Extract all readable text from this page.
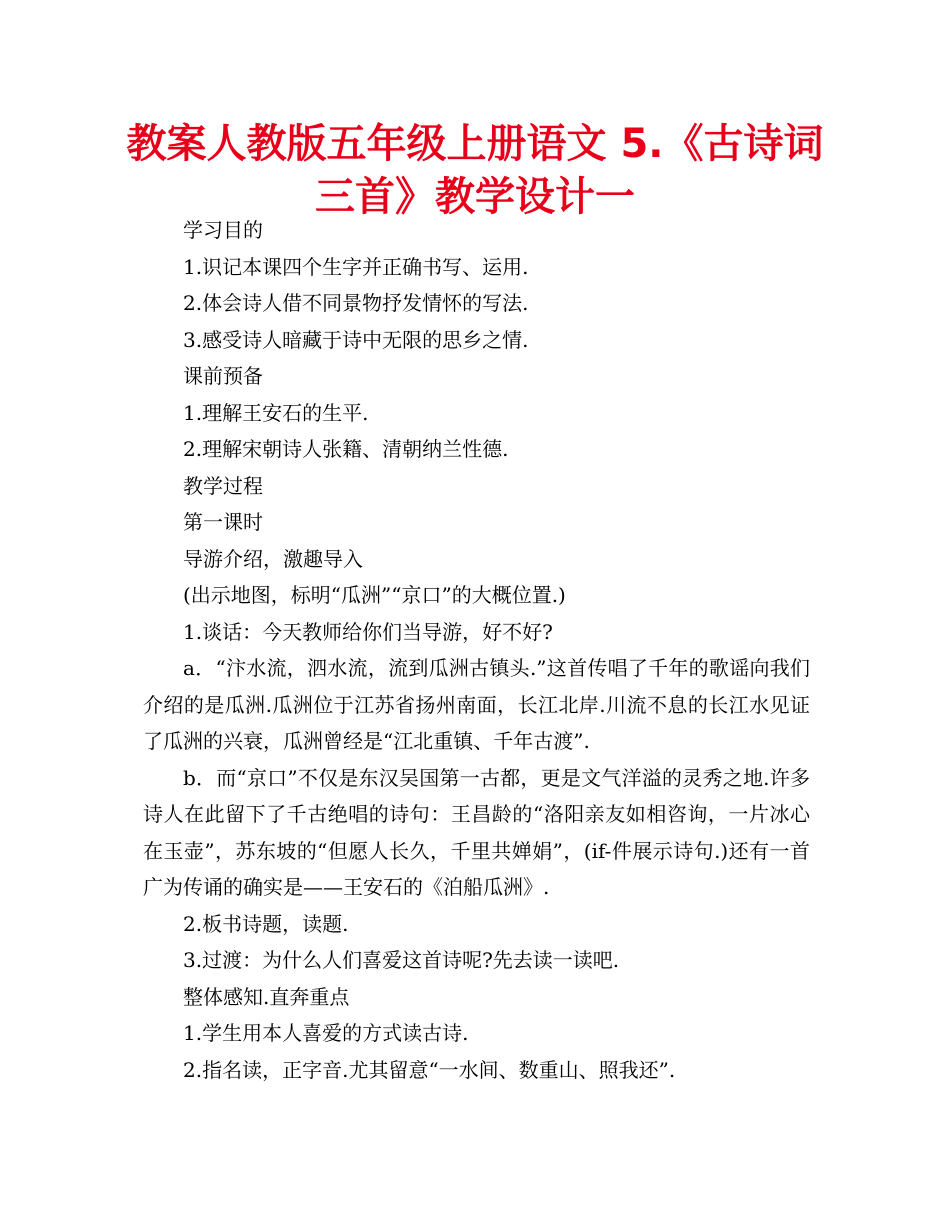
教案人教版五年级上册语文 5.《古诗词三首》教学设计一

学习目的

1.识记本课四个生字并正确书写、运用.

2.体会诗人借不同景物抒发情怀的写法.

3.感受诗人暗藏于诗中无限的思乡之情.

课前预备

1.理解王安石的生平.

2.理解宋朝诗人张籍、清朝纳兰性德.

教学过程

第一课时

导游介绍，激趣导入

(出示地图，标明“瓜洲”“京口”的大概位置.)

1.谈话：今天教师给你们当导游，好不好?

a．“汴水流，泗水流，流到瓜洲古镇头.”这首传唱了千年的歌谣向我们介绍的是瓜洲.瓜洲位于江苏省扬州南面，长江北岸.川流不息的长江水见证了瓜洲的兴衰，瓜洲曾经是“江北重镇、千年古渡”.

b．而“京口”不仅是东汉吴国第一古都，更是文气洋溢的灵秀之地.许多诗人在此留下了千古绝唱的诗句：王昌龄的“洛阳亲友如相咨询，一片冰心在玉壶”，苏东坡的“但愿人长久，千里共婵娟”，(if-件展示诗句.)还有一首广为传诵的确实是——王安石的《泊船瓜洲》.

2.板书诗题，读题.

3.过渡：为什么人们喜爱这首诗呢?先去读一读吧.

整体感知.直奔重点

1.学生用本人喜爱的方式读古诗.

2.指名读，正字音.尤其留意“一水间、数重山、照我还”.
